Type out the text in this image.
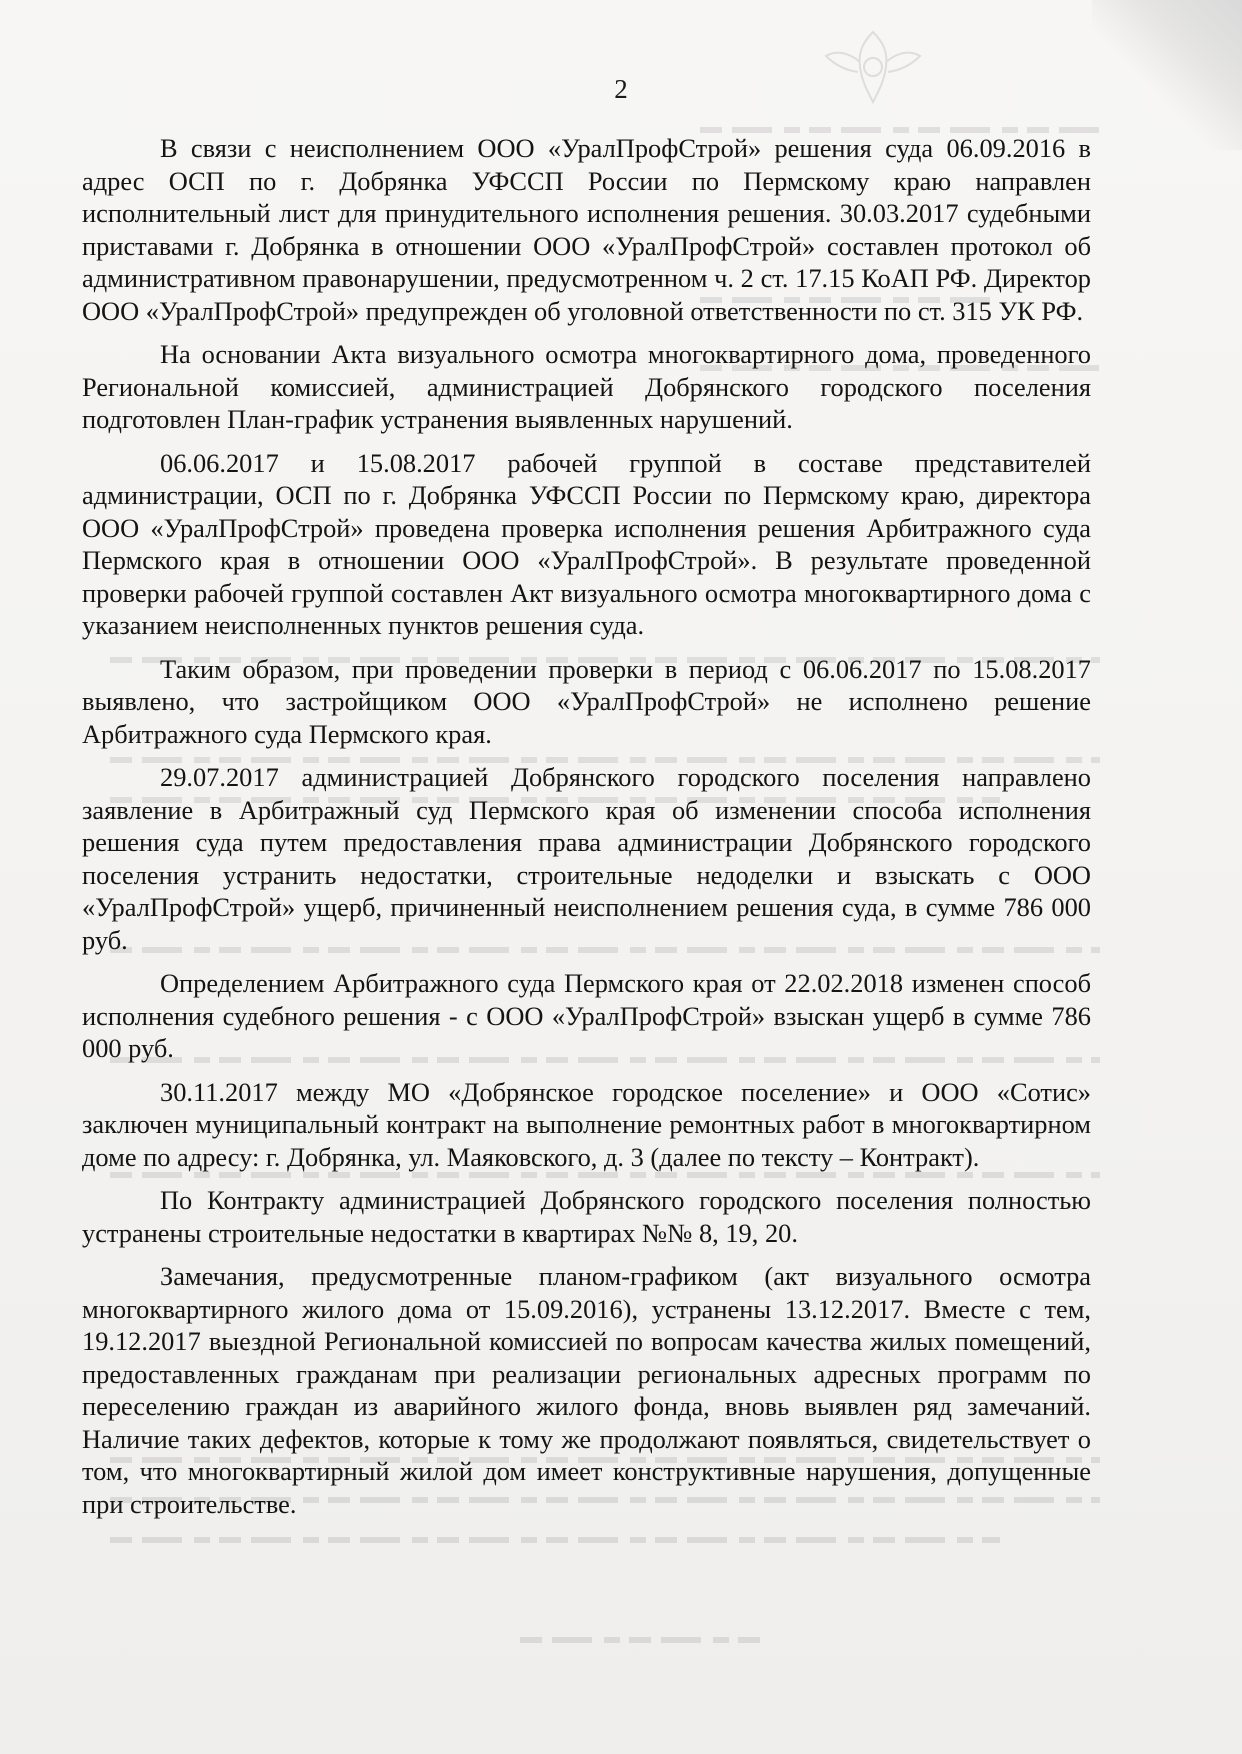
2

В связи с неисполнением ООО «УралПрофСтрой» решения суда 06.09.2016 в адрес ОСП по г. Добрянка УФССП России по Пермскому краю направлен исполнительный лист для принудительного исполнения решения. 30.03.2017 судебными приставами г. Добрянка в отношении ООО «УралПрофСтрой» составлен протокол об административном правонарушении, предусмотренном ч. 2 ст. 17.15 КоАП РФ. Директор ООО «УралПрофСтрой» предупрежден об уголовной ответственности по ст. 315 УК РФ.

На основании Акта визуального осмотра многоквартирного дома, проведенного Региональной комиссией, администрацией Добрянского городского поселения подготовлен План-график устранения выявленных нарушений.

06.06.2017 и 15.08.2017 рабочей группой в составе представителей администрации, ОСП по г. Добрянка УФССП России по Пермскому краю, директора ООО «УралПрофСтрой» проведена проверка исполнения решения Арбитражного суда Пермского края в отношении ООО «УралПрофСтрой». В результате проведенной проверки рабочей группой составлен Акт визуального осмотра многоквартирного дома с указанием неисполненных пунктов решения суда.

Таким образом, при проведении проверки в период с 06.06.2017 по 15.08.2017 выявлено, что застройщиком ООО «УралПрофСтрой» не исполнено решение Арбитражного суда Пермского края.

29.07.2017 администрацией Добрянского городского поселения направлено заявление в Арбитражный суд Пермского края об изменении способа исполнения решения суда путем предоставления права администрации Добрянского городского поселения устранить недостатки, строительные недоделки и взыскать с ООО «УралПрофСтрой» ущерб, причиненный неисполнением решения суда, в сумме 786 000 руб.

Определением Арбитражного суда Пермского края от 22.02.2018 изменен способ исполнения судебного решения - с ООО «УралПрофСтрой» взыскан ущерб в сумме 786 000 руб.

30.11.2017 между МО «Добрянское городское поселение» и ООО «Сотис» заключен муниципальный контракт на выполнение ремонтных работ в многоквартирном доме по адресу: г. Добрянка, ул. Маяковского, д. 3 (далее по тексту – Контракт).

По Контракту администрацией Добрянского городского поселения полностью устранены строительные недостатки в квартирах №№ 8, 19, 20.

Замечания, предусмотренные планом-графиком (акт визуального осмотра многоквартирного жилого дома от 15.09.2016), устранены 13.12.2017. Вместе с тем, 19.12.2017 выездной Региональной комиссией по вопросам качества жилых помещений, предоставленных гражданам при реализации региональных адресных программ по переселению граждан из аварийного жилого фонда, вновь выявлен ряд замечаний. Наличие таких дефектов, которые к тому же продолжают появляться, свидетельствует о том, что многоквартирный жилой дом имеет конструктивные нарушения, допущенные при строительстве.
